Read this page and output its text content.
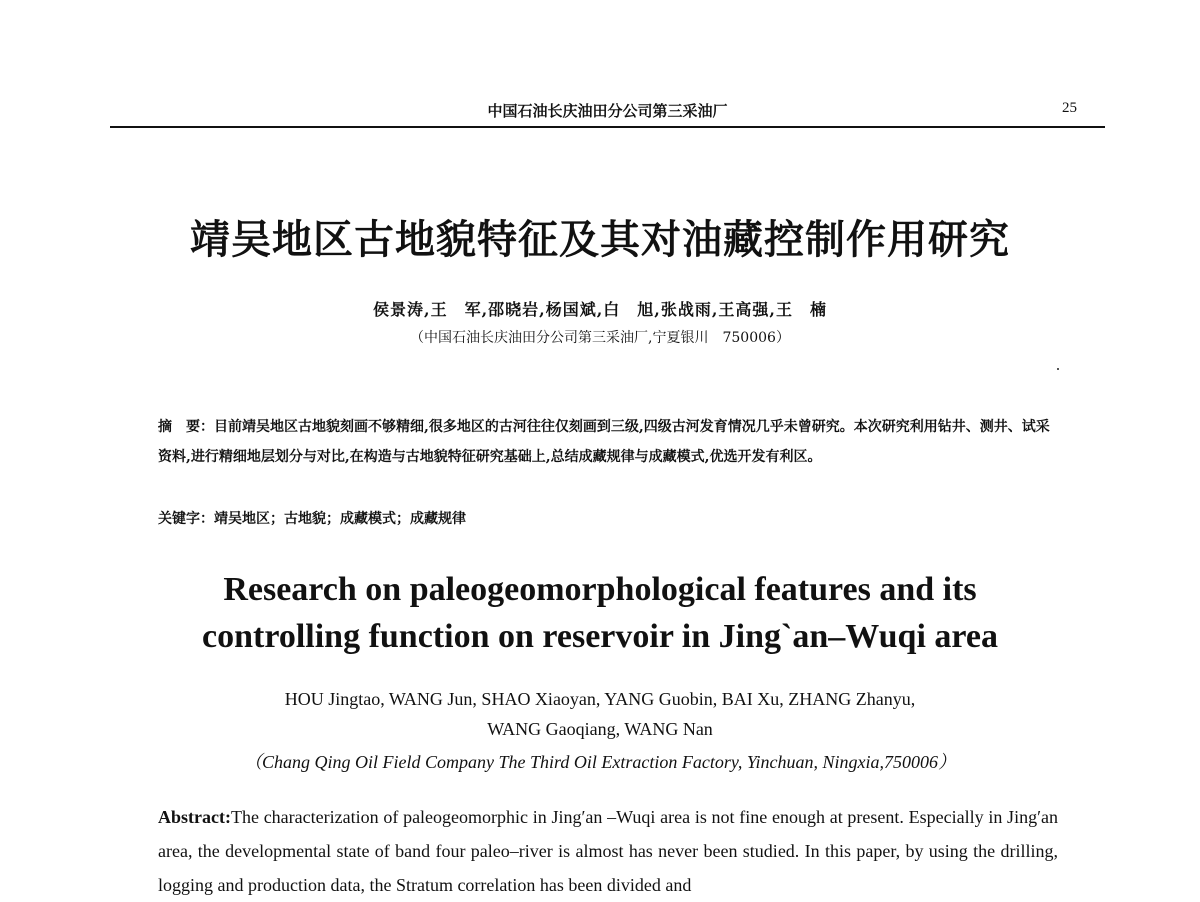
中国石油长庆油田分公司第三采油厂	25
靖吴地区古地貌特征及其对油藏控制作用研究
侯景涛,王　军,邵晓岩,杨国斌,白　旭,张战雨,王高强,王　楠
（中国石油长庆油田分公司第三采油厂,宁夏银川　750006）
摘　要：目前靖吴地区古地貌刻画不够精细,很多地区的古河往往仅刻画到三级,四级古河发育情况几乎未曾研究。本次研究利用钻井、测井、试采资料,进行精细地层划分与对比,在构造与古地貌特征研究基础上,总结成藏规律与成藏模式,优选开发有利区。
关键字：靖吴地区；古地貌；成藏模式；成藏规律
Research on paleogeomorphological features and its
controlling function on reservoir in Jing`an–Wuqi area
HOU Jingtao, WANG Jun, SHAO Xiaoyan, YANG Guobin, BAI Xu, ZHANG Zhanyu,
WANG Gaoqiang, WANG Nan
（Chang Qing Oil Field Company The Third Oil Extraction Factory, Yinchuan, Ningxia,750006）
Abstract:The characterization of paleogeomorphic in Jing′an –Wuqi area is not fine enough at present. Especially in Jing′an area, the developmental state of band four paleo–river is almost has never been studied. In this paper, by using the drilling, logging and production data, the Stratum correlation has been divided and
